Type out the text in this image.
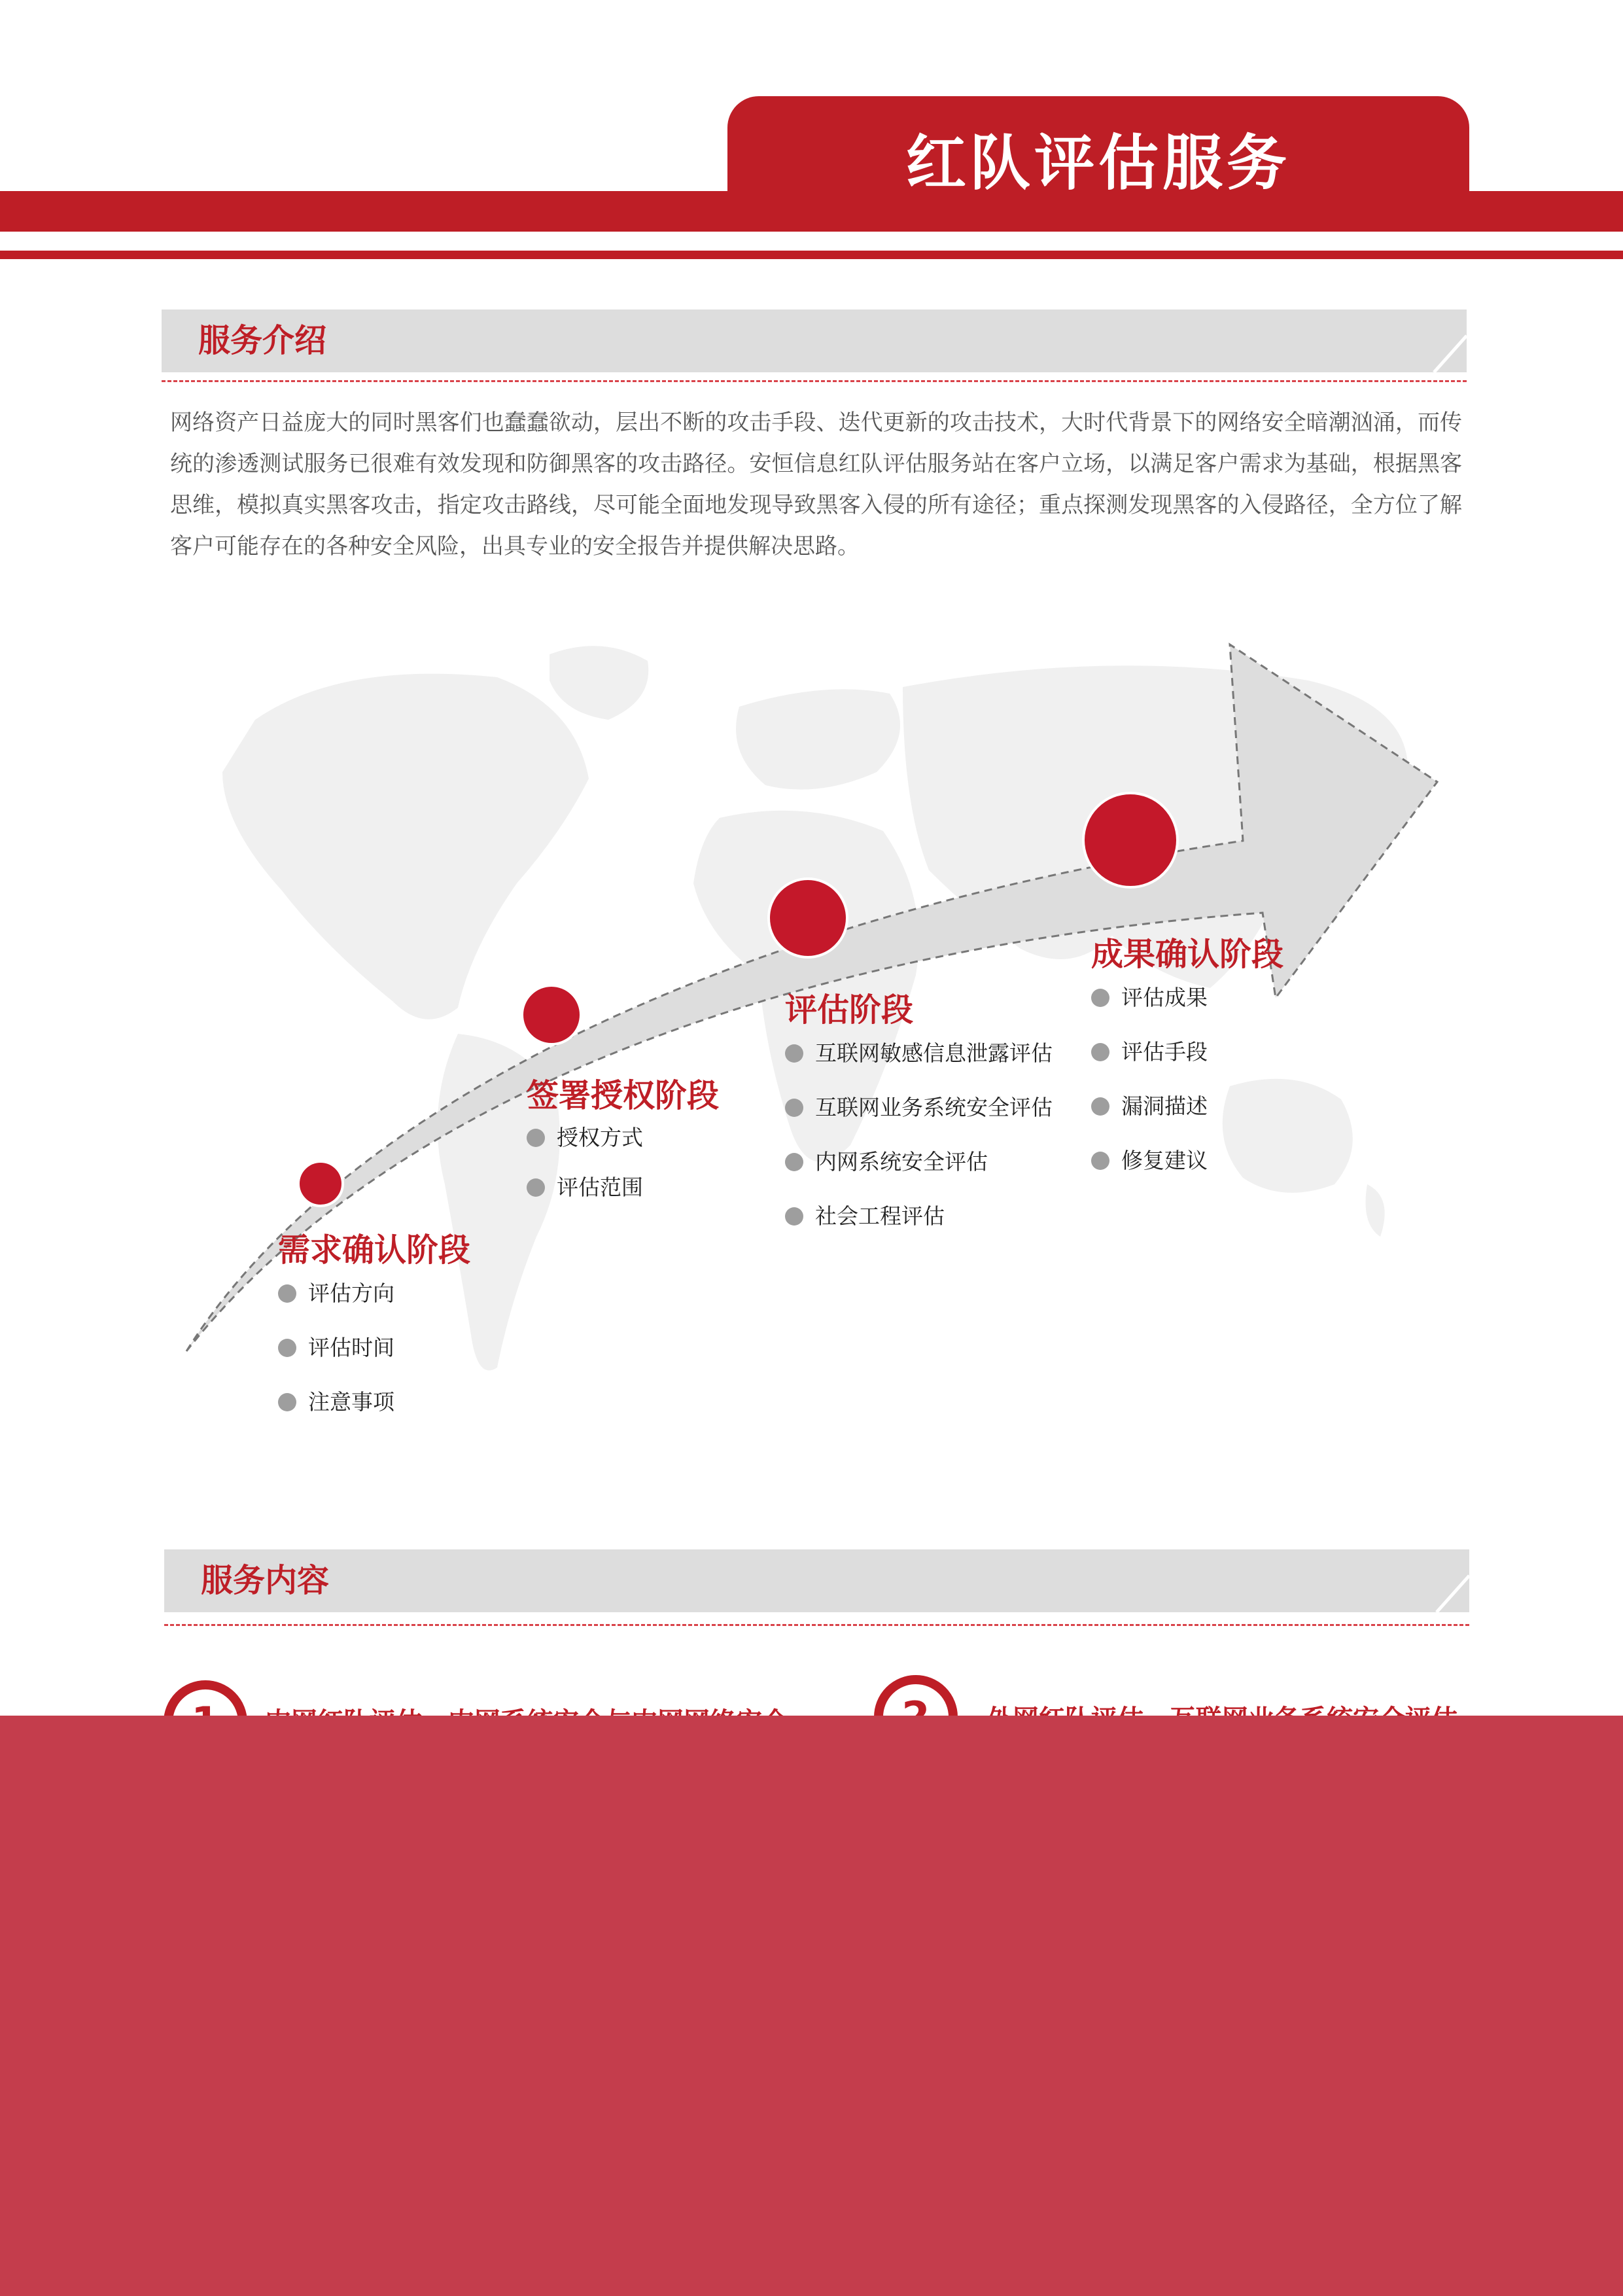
红队评估服务
服务介绍
网络资产日益庞大的同时黑客们也蠢蠢欲动，层出不断的攻击手段、迭代更新的攻击技术，大时代背景下的网络安全暗潮汹涌，而传统的渗透测试服务已很难有效发现和防御黑客的攻击路径。安恒信息红队评估服务站在客户立场，以满足客户需求为基础，根据黑客思维，模拟真实黑客攻击，指定攻击路线，尽可能全面地发现导致黑客入侵的所有途径；重点探测发现黑客的入侵路径，全方位了解客户可能存在的各种安全风险，出具专业的安全报告并提供解决思路。
需求确认阶段
评估方向
评估时间
注意事项
签署授权阶段
授权方式
评估范围
评估阶段
互联网敏感信息泄露评估
互联网业务系统安全评估
内网系统安全评估
社会工程评估
成果确认阶段
评估成果
评估手段
漏洞描述
修复建议
服务内容
